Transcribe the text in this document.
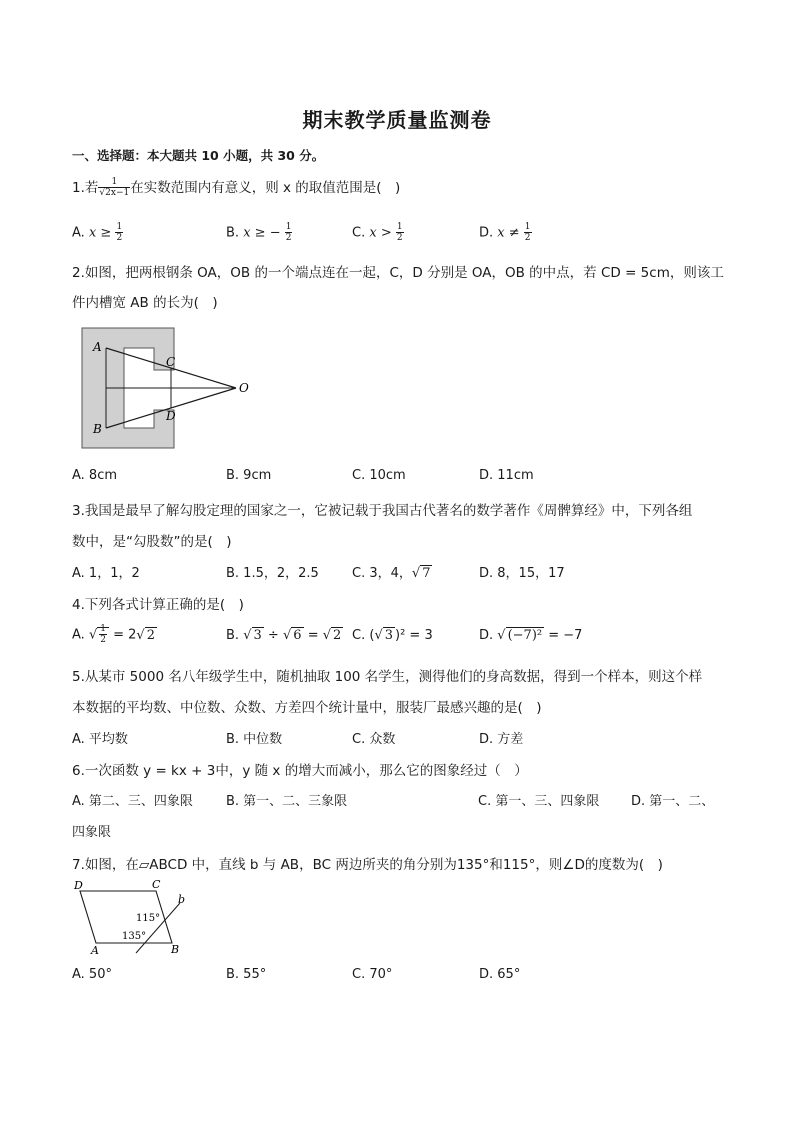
期末教学质量监测卷
一、选择题：本大题共 10 小题，共 30 分。
1.若 $\frac{1}{√2x-1}$ 在实数范围内有意义，则 x 的取值范围是(　)
A. $x \ge \frac{1}{2}$	B. x ≥ − $\frac{1}{2}$	C. $x > \frac{1}{2}$	D. $x \ne \frac{1}{2}$
2.如图，把两根钢条 OA，OB 的一个端点连在一起，C，D 分别是 OA，OB 的中点，若 CD = 5cm，则该工
件内槽宽 AB 的长为(　)
A
B
C
D
O
A. 8cm	B. 9cm	C. 10cm	D. 11cm
3.我国是最早了解勾股定理的国家之一，它被记载于我国古代著名的数学著作《周髀算经》中，下列各组
数中，是“勾股数”的是(　)
A. 1，1，2	B. 1.5，2，2.5	C. 3，4，√ 7	D. 8，15，17
4.下列各式计算正确的是(　)
A. √ $\frac{1}{2} = 2√$ 2	B. √ 3 ÷ √ 6 = √ 2 C. (√ 3 )² = 3	D. √ (−7)² = −7
5.从某市 5000 名八年级学生中，随机抽取 100 名学生，测得他们的身高数据，得到一个样本，则这个样
本数据的平均数、中位数、众数、方差四个统计量中，服装厂最感兴趣的是(　)
A. 平均数	B. 中位数	C. 众数	D. 方差
6.一次函数 y = kx + 3中，y 随 x 的增大而减小，那么它的图象经过（　）
A. 第二、三、四象限	B. 第一、二、三象限	C. 第一、三、四象限 D. 第一、二、
四象限
7.如图，在▱ABCD 中，直线 b 与 AB，BC 两边所夹的角分别为135°和115°，则∠D的度数为(　)
D	C
A	B
b
115°
135°
A. 50°	B. 55°	C. 70°	D. 65°
